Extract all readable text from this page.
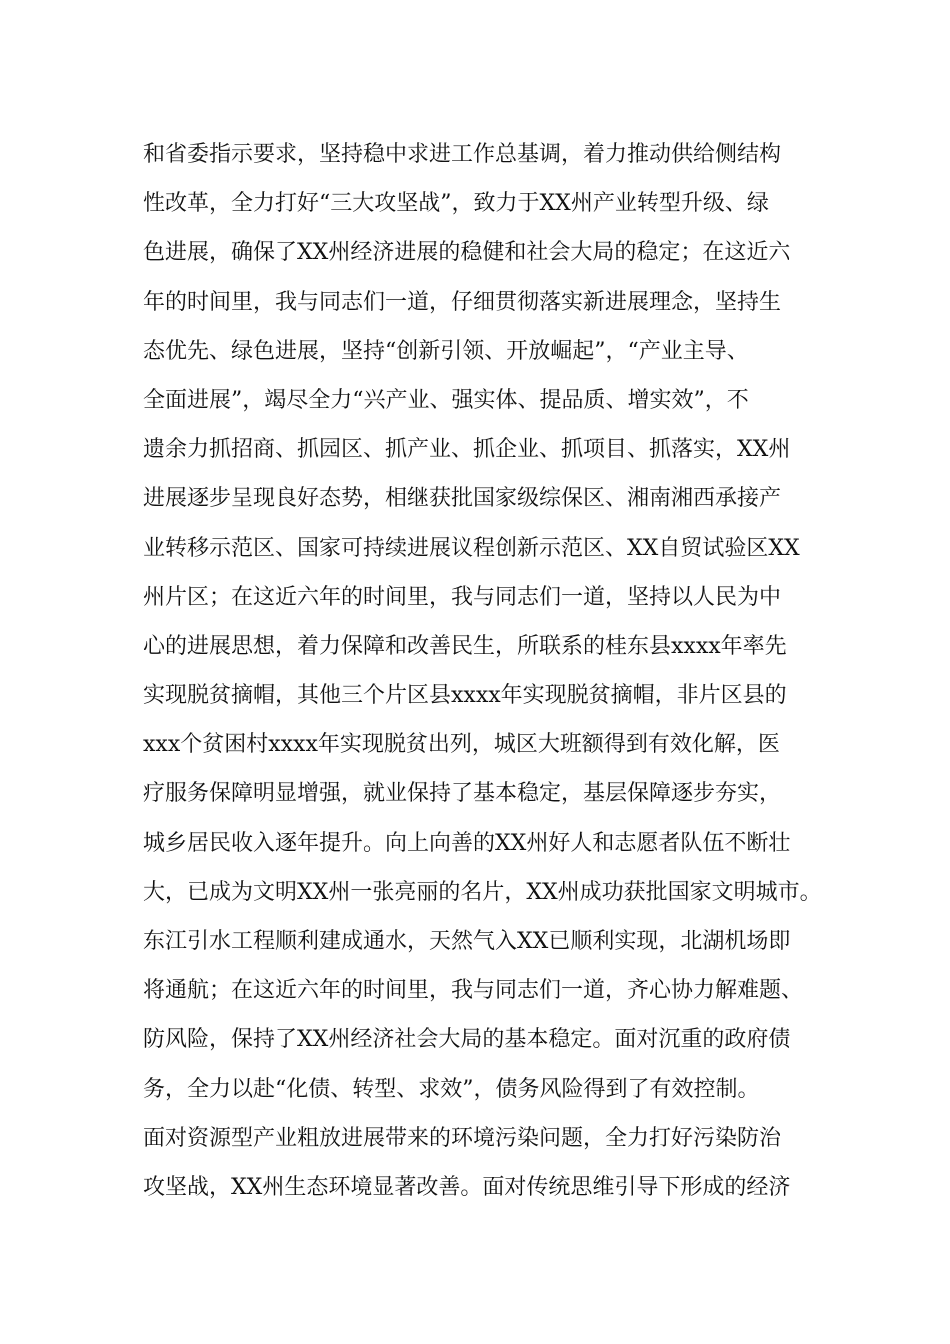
和省委指示要求，坚持稳中求进工作总基调，着力推动供给侧结构
性改革，全力打好“三大攻坚战”，致力于XX州产业转型升级、绿
色进展，确保了XX州经济进展的稳健和社会大局的稳定；在这近六
年的时间里，我与同志们一道，仔细贯彻落实新进展理念，坚持生
态优先、绿色进展，坚持“创新引领、开放崛起”，“产业主导、
全面进展”，竭尽全力“兴产业、强实体、提品质、增实效”，不
遗余力抓招商、抓园区、抓产业、抓企业、抓项目、抓落实，XX州
进展逐步呈现良好态势，相继获批国家级综保区、湘南湘西承接产
业转移示范区、国家可持续进展议程创新示范区、XX自贸试验区XX
州片区；在这近六年的时间里，我与同志们一道，坚持以人民为中
心的进展思想，着力保障和改善民生，所联系的桂东县xxxx年率先
实现脱贫摘帽，其他三个片区县xxxx年实现脱贫摘帽，非片区县的
xxx个贫困村xxxx年实现脱贫出列，城区大班额得到有效化解，医
疗服务保障明显增强，就业保持了基本稳定，基层保障逐步夯实，
城乡居民收入逐年提升。向上向善的XX州好人和志愿者队伍不断壮
大，已成为文明XX州一张亮丽的名片，XX州成功获批国家文明城市。
东江引水工程顺利建成通水，天然气入XX已顺利实现，北湖机场即
将通航；在这近六年的时间里，我与同志们一道，齐心协力解难题、
防风险，保持了XX州经济社会大局的基本稳定。面对沉重的政府债
务，全力以赴“化债、转型、求效”，债务风险得到了有效控制。
面对资源型产业粗放进展带来的环境污染问题，全力打好污染防治
攻坚战，XX州生态环境显著改善。面对传统思维引导下形成的经济
